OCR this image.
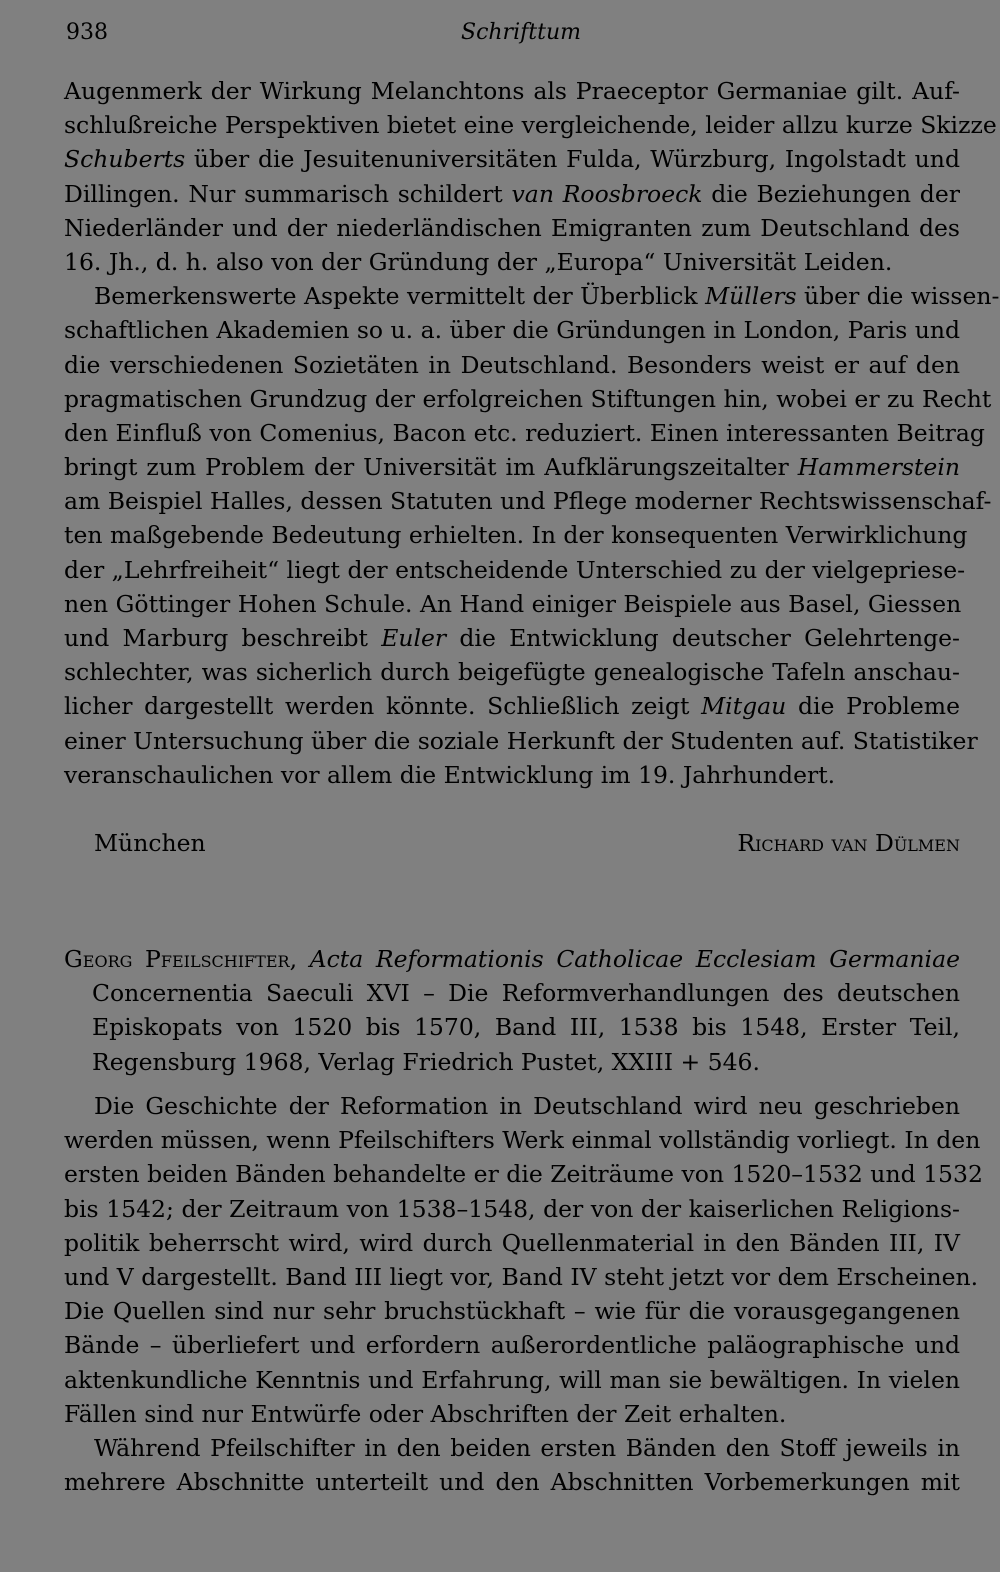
938	Schrifttum
Augenmerk der Wirkung Melanchtons als Praeceptor Germaniae gilt. Auf-
schlußreiche Perspektiven bietet eine vergleichende, leider allzu kurze Skizze
Schuberts über die Jesuitenuniversitäten Fulda, Würzburg, Ingolstadt und
Dillingen. Nur summarisch schildert van Roosbroeck die Beziehungen der
Niederländer und der niederländischen Emigranten zum Deutschland des
16. Jh., d. h. also von der Gründung der „Europa“ Universität Leiden.
Bemerkenswerte Aspekte vermittelt der Überblick Müllers über die wissen-
schaftlichen Akademien so u. a. über die Gründungen in London, Paris und
die verschiedenen Sozietäten in Deutschland. Besonders weist er auf den
pragmatischen Grundzug der erfolgreichen Stiftungen hin, wobei er zu Recht
den Einfluß von Comenius, Bacon etc. reduziert. Einen interessanten Beitrag
bringt zum Problem der Universität im Aufklärungszeitalter Hammerstein
am Beispiel Halles, dessen Statuten und Pflege moderner Rechtswissenschaf-
ten maßgebende Bedeutung erhielten. In der konsequenten Verwirklichung
der „Lehrfreiheit“ liegt der entscheidende Unterschied zu der vielgepriese-
nen Göttinger Hohen Schule. An Hand einiger Beispiele aus Basel, Giessen
und Marburg beschreibt Euler die Entwicklung deutscher Gelehrtenge-
schlechter, was sicherlich durch beigefügte genealogische Tafeln anschau-
licher dargestellt werden könnte. Schließlich zeigt Mitgau die Probleme
einer Untersuchung über die soziale Herkunft der Studenten auf. Statistiker
veranschaulichen vor allem die Entwicklung im 19. Jahrhundert.
München	Richard van Dülmen
Georg Pfeilschifter, Acta Reformationis Catholicae Ecclesiam Germaniae
Concernentia Saeculi XVI – Die Reformverhandlungen des deutschen
Episkopats von 1520 bis 1570, Band III, 1538 bis 1548, Erster Teil,
Regensburg 1968, Verlag Friedrich Pustet, XXIII + 546.
Die Geschichte der Reformation in Deutschland wird neu geschrieben
werden müssen, wenn Pfeilschifters Werk einmal vollständig vorliegt. In den
ersten beiden Bänden behandelte er die Zeiträume von 1520–1532 und 1532
bis 1542; der Zeitraum von 1538–1548, der von der kaiserlichen Religions-
politik beherrscht wird, wird durch Quellenmaterial in den Bänden III, IV
und V dargestellt. Band III liegt vor, Band IV steht jetzt vor dem Erscheinen.
Die Quellen sind nur sehr bruchstückhaft – wie für die vorausgegangenen
Bände – überliefert und erfordern außerordentliche paläographische und
aktenkundliche Kenntnis und Erfahrung, will man sie bewältigen. In vielen
Fällen sind nur Entwürfe oder Abschriften der Zeit erhalten.
Während Pfeilschifter in den beiden ersten Bänden den Stoff jeweils in
mehrere Abschnitte unterteilt und den Abschnitten Vorbemerkungen mit
